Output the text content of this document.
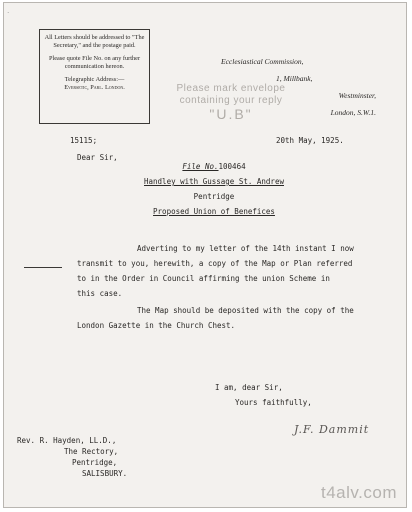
·

All Letters should be addressed to "The Secretary," and the postage paid.

Please quote File No. on any further communication hereon.

Telegraphic Address:—
Eversetic, Parl. London.
Ecclesiastical Commission,
1, Millbank,
Westminster,
London, S.W.1.
Please mark envelope
containing your reply
"U.B"
15115;	20th May, 1925.
Dear Sir,
File No.100464
Handley with Gussage St. Andrew
Pentridge
Proposed Union of Benefices

Adverting to my letter of the 14th instant I now
transmit to you, herewith, a copy of the Map or Plan referred
to in the Order in Council affirming the union Scheme in
this case.

The Map should be deposited with the copy of the
London Gazette in the Church Chest.

I am, dear Sir,
Yours faithfully,
J.F. Dammit
Rev. R. Hayden, LL.D.,
The Rectory,
Pentridge,
SALISBURY.
t4alv.com
